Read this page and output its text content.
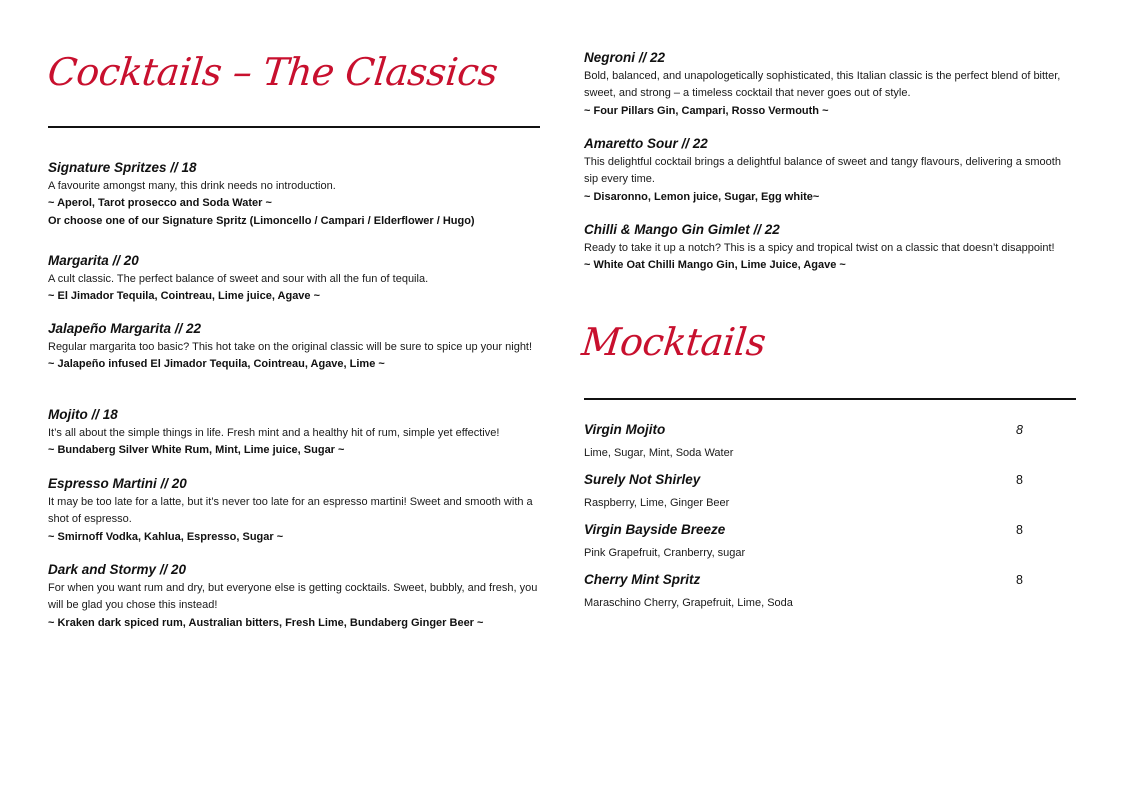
Cocktails – The Classics
Signature Spritzes // 18
A favourite amongst many, this drink needs no introduction.
~ Aperol, Tarot prosecco and Soda Water ~
Or choose one of our Signature Spritz (Limoncello / Campari / Elderflower / Hugo)
Margarita // 20
A cult classic. The perfect balance of sweet and sour with all the fun of tequila.
~ El Jimador Tequila, Cointreau, Lime juice, Agave ~
Jalapeño Margarita // 22
Regular margarita too basic? This hot take on the original classic will be sure to spice up your night!
~ Jalapeño infused El Jimador Tequila, Cointreau, Agave, Lime ~
Mojito // 18
It’s all about the simple things in life. Fresh mint and a healthy hit of rum, simple yet effective!
~ Bundaberg Silver White Rum, Mint, Lime juice, Sugar ~
Espresso Martini // 20
It may be too late for a latte, but it’s never too late for an espresso martini! Sweet and smooth with a shot of espresso.
~ Smirnoff Vodka, Kahlua, Espresso, Sugar ~
Dark and Stormy // 20
For when you want rum and dry, but everyone else is getting cocktails. Sweet, bubbly, and fresh, you will be glad you chose this instead!
~ Kraken dark spiced rum, Australian bitters, Fresh Lime, Bundaberg Ginger Beer ~
Negroni // 22
Bold, balanced, and unapologetically sophisticated, this Italian classic is the perfect blend of bitter, sweet, and strong – a timeless cocktail that never goes out of style.
~ Four Pillars Gin, Campari, Rosso Vermouth ~
Amaretto Sour // 22
This delightful cocktail brings a delightful balance of sweet and tangy flavours, delivering a smooth sip every time.
~ Disaronno, Lemon juice, Sugar, Egg white~
Chilli & Mango Gin Gimlet // 22
Ready to take it up a notch? This is a spicy and tropical twist on a classic that doesn’t disappoint!
~ White Oat Chilli Mango Gin, Lime Juice, Agave ~
Mocktails
Virgin Mojito	8
Lime, Sugar, Mint, Soda Water
Surely Not Shirley	8
Raspberry, Lime, Ginger Beer
Virgin Bayside Breeze	8
Pink Grapefruit, Cranberry, sugar
Cherry Mint Spritz	8
Maraschino Cherry, Grapefruit, Lime, Soda
